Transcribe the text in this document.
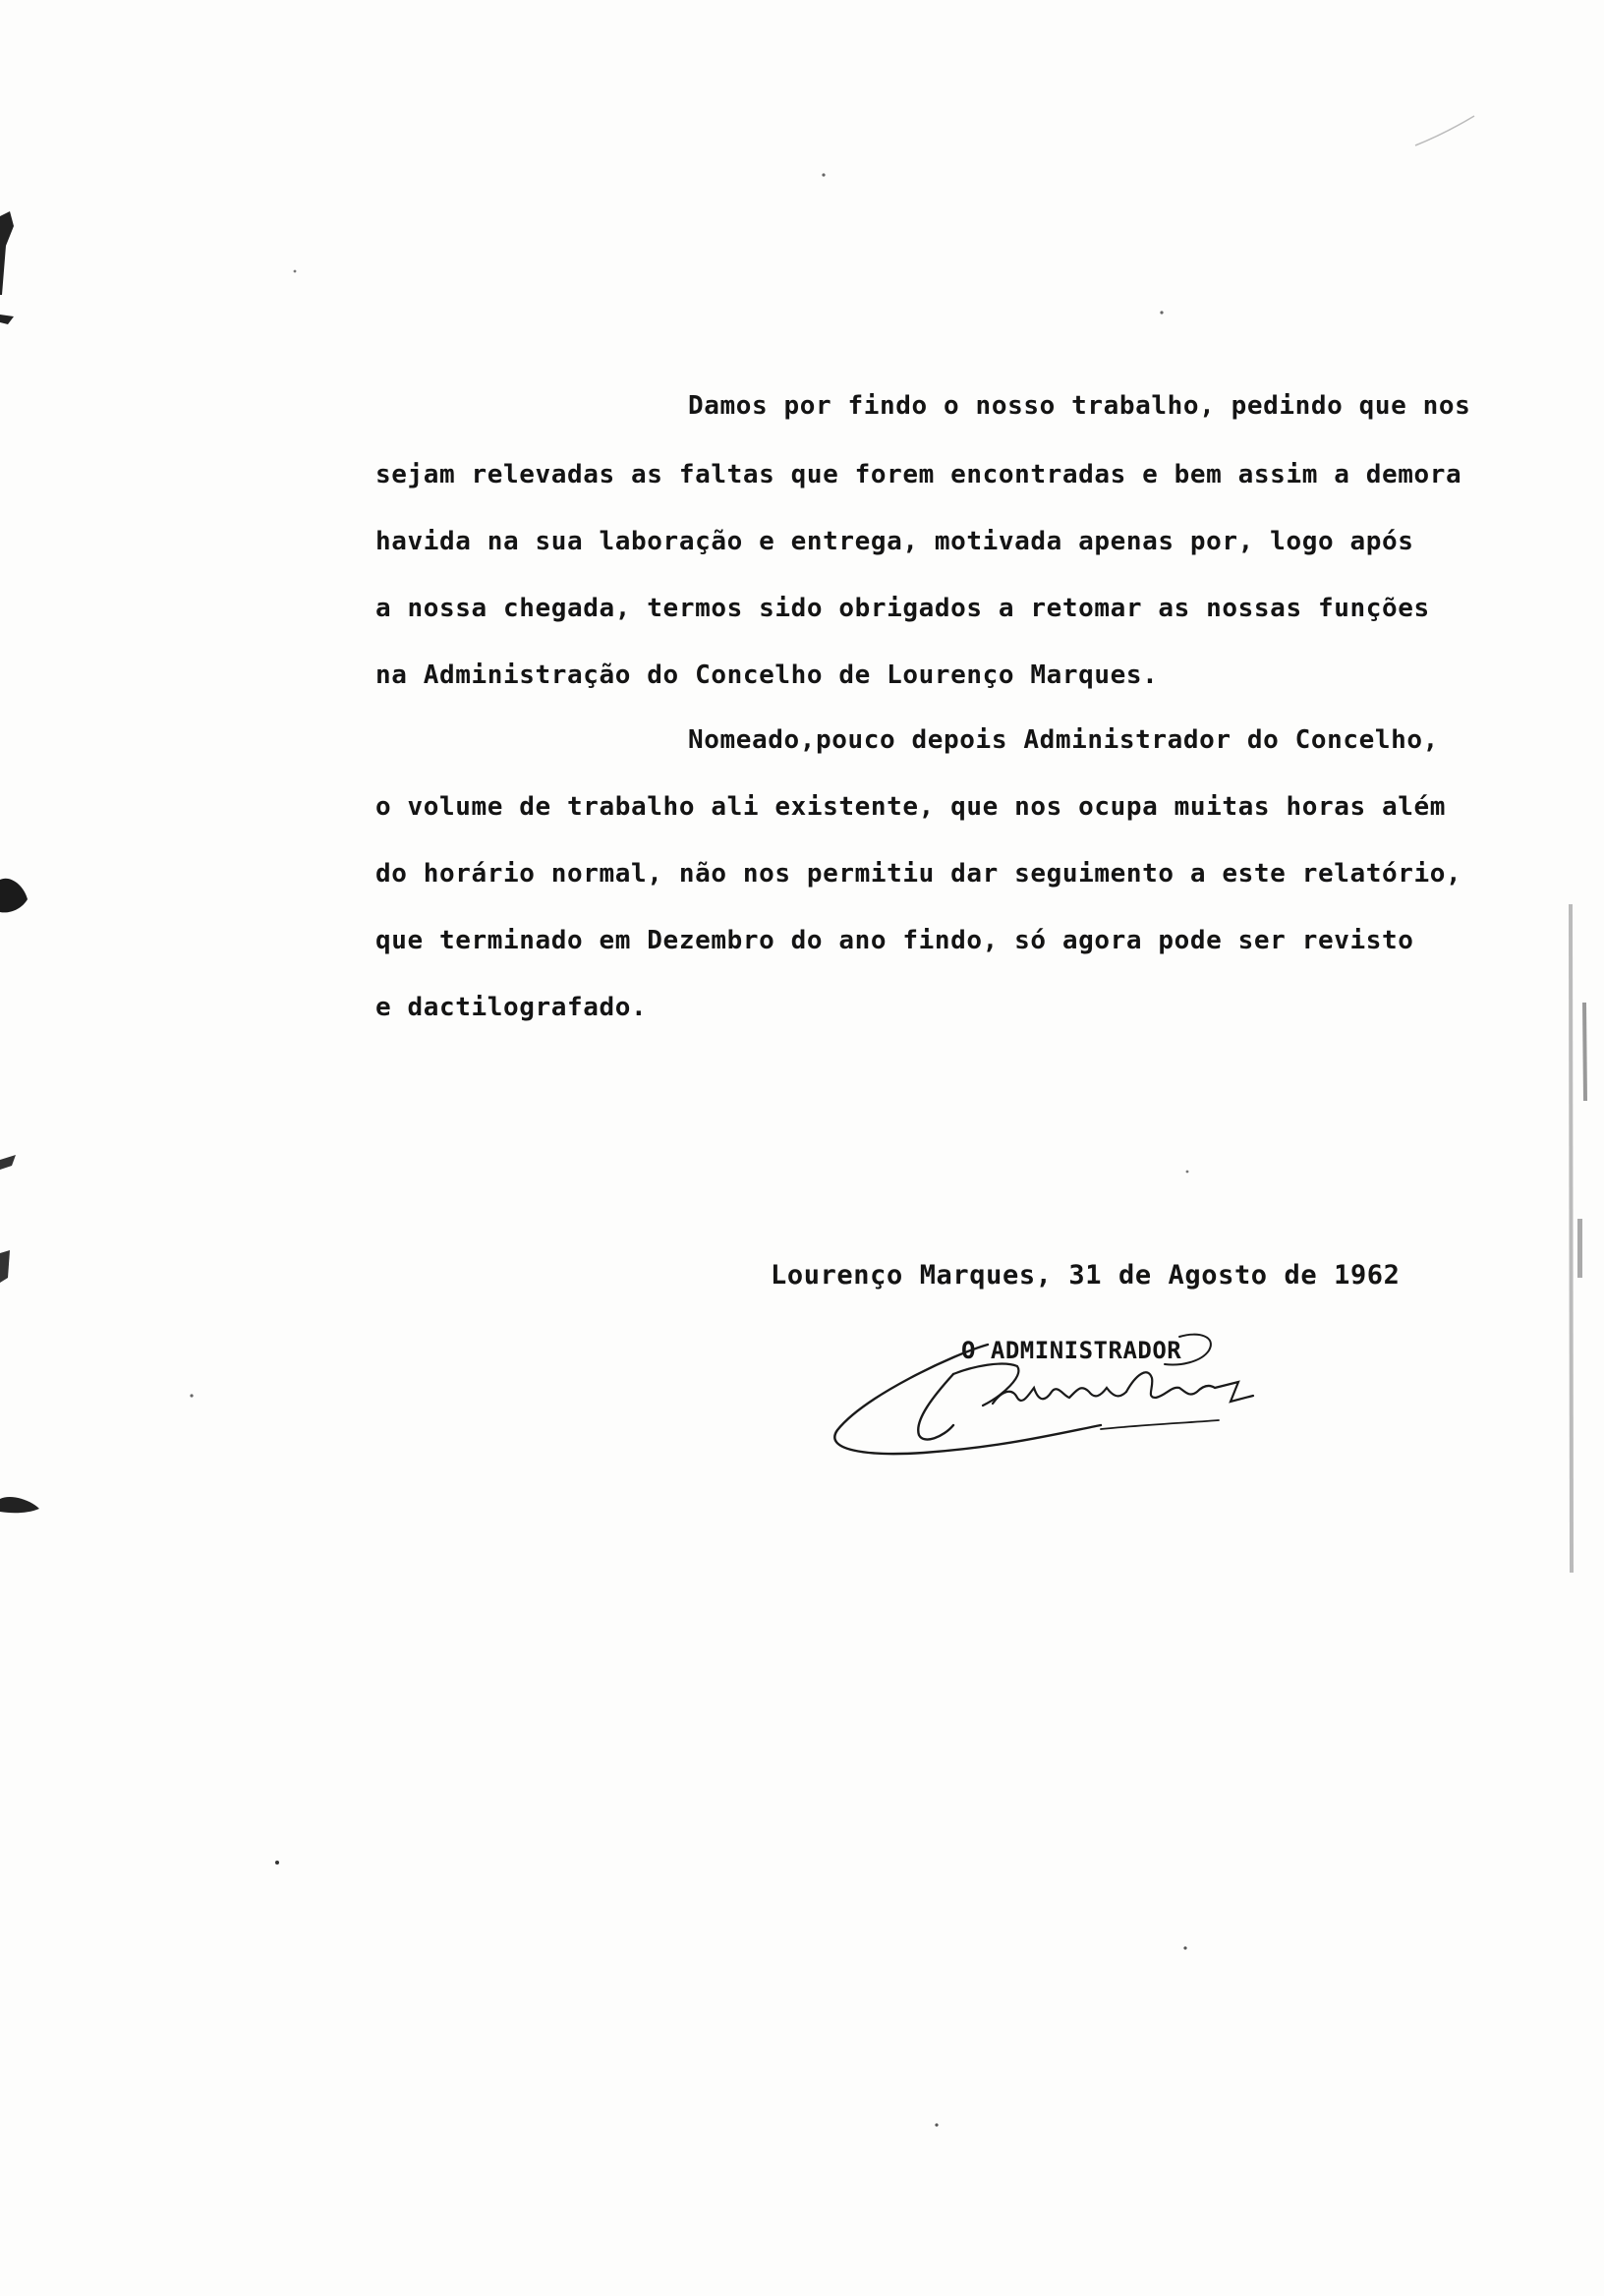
Damos por findo o nosso trabalho, pedindo que nos
sejam relevadas as faltas que forem encontradas e bem assim a demora
havida na sua laboração e entrega, motivada apenas por, logo após
a nossa chegada, termos sido obrigados a retomar as nossas funções
na Administração do Concelho de Lourenço Marques.
Nomeado,pouco depois Administrador do Concelho,
o volume de trabalho ali existente, que nos ocupa muitas horas além
do horário normal, não nos permitiu dar seguimento a este relatório,
que terminado em Dezembro do ano findo, só agora pode ser revisto
e dactilografado.
Lourenço Marques, 31 de Agosto de 1962
O ADMINISTRADOR
